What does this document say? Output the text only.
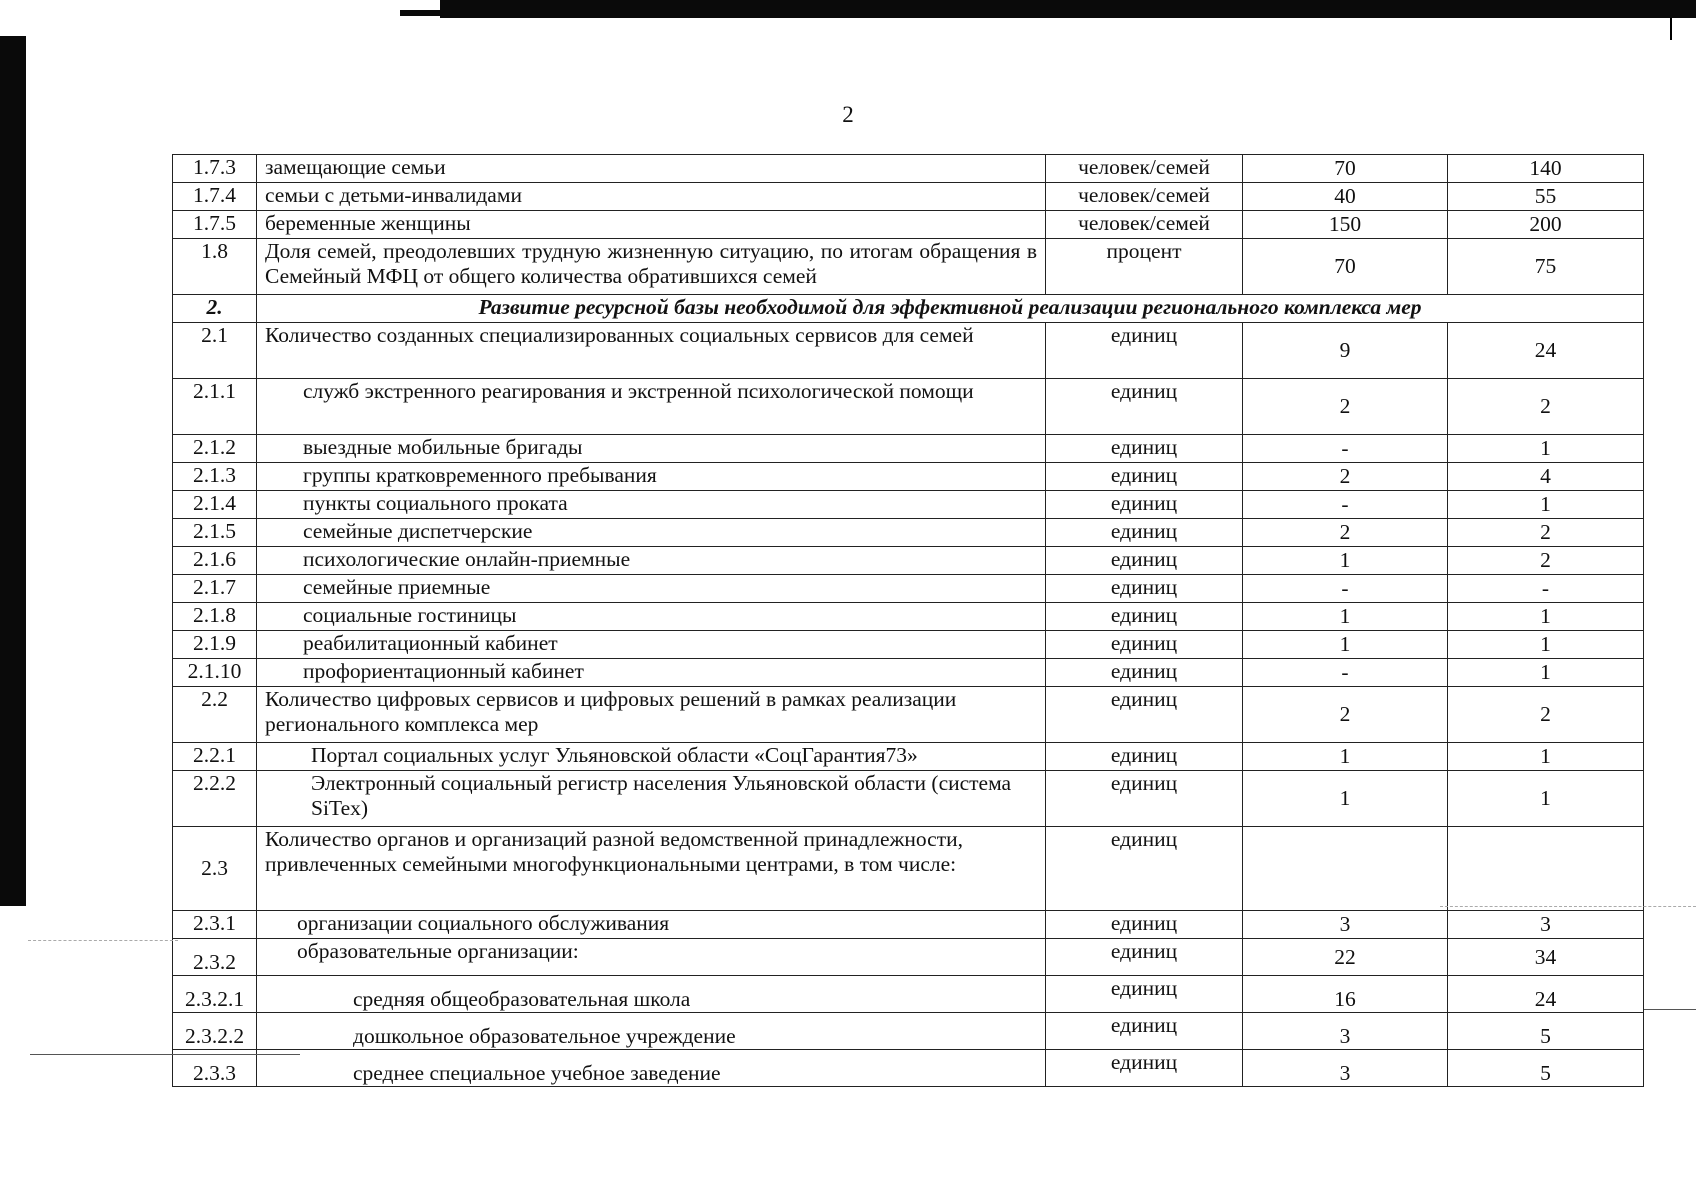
2
1.7.3	замещающие семьи	человек/семей	70	140
1.7.4	семьи с детьми-инвалидами	человек/семей	40	55
1.7.5	беременные женщины	человек/семей	150	200
1.8	Доля семей, преодолевших трудную жизненную ситуацию, по итогам обращения в Семейный МФЦ от общего количества обратившихся семей	процент	70	75
2.	Развитие ресурсной базы необходимой для эффективной реализации регионального комплекса мер			
2.1	Количество созданных специализированных социальных сервисов для семей	единиц	9	24
2.1.1	служб экстренного реагирования и экстренной психологической помощи	единиц	2	2
2.1.2	выездные мобильные бригады	единиц	-	1
2.1.3	группы кратковременного пребывания	единиц	2	4
2.1.4	пункты социального проката	единиц	-	1
2.1.5	семейные диспетчерские	единиц	2	2
2.1.6	психологические онлайн-приемные	единиц	1	2
2.1.7	семейные приемные	единиц	-	-
2.1.8	социальные гостиницы	единиц	1	1
2.1.9	реабилитационный кабинет	единиц	1	1
2.1.10	профориентационный кабинет	единиц	-	1
2.2	Количество цифровых сервисов и цифровых решений в рамках реализации регионального комплекса мер	единиц	2	2
2.2.1	Портал социальных услуг Ульяновской области «СоцГарантия73»	единиц	1	1
2.2.2	Электронный социальный регистр населения Ульяновской области (система SiTex)	единиц	1	1
2.3	Количество органов и организаций разной ведомственной принадлежности, привлеченных семейными многофункциональными центрами, в том числе:	единиц		
2.3.1	организации социального обслуживания	единиц	3	3
2.3.2	образовательные организации:	единиц	22	34
2.3.2.1	средняя общеобразовательная школа	единиц	16	24
2.3.2.2	дошкольное образовательное учреждение	единиц	3	5
2.3.3	среднее специальное учебное заведение	единиц	3	5
